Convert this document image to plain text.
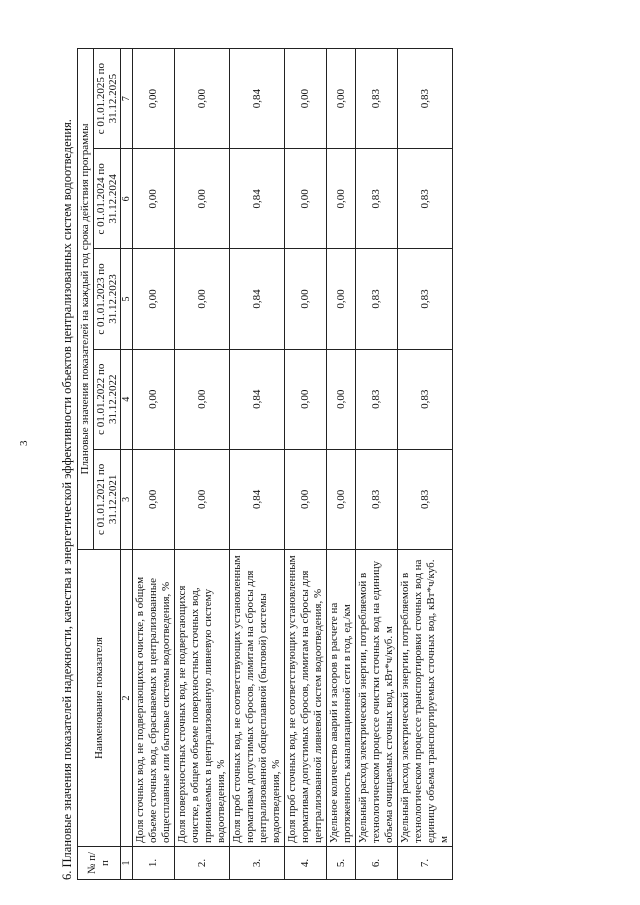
3 6. Плановые значения показателей надежности, качества и энергетической эффективности объектов централизованных систем водоотведения. № п/п	Наименование показателя	Плановые значения показателей на каждый год срока действия программы				
		с 01.01.2021 по 31.12.2021	с 01.01.2022 по 31.12.2022	с 01.01.2023 по 31.12.2023	с 01.01.2024 по 31.12.2024	с 01.01.2025 по 31.12.2025
1	2	3	4	5	6	7
1.	Доля сточных вод, не подвергающихся очистке, в общем объеме сточных вод, сбрасываемых в централизованные общесплавные или бытовые системы водоотведения, %	0,00	0,00	0,00	0,00	0,00
2.	Доля поверхностных сточных вод, не подвергающихся очистке, в общем объеме поверхностных сточных вод, принимаемых в централизованную ливневую систему водоотведения, %	0,00	0,00	0,00	0,00	0,00
3.	Доля проб сточных вод, не соответствующих установленным нормативам допустимых сбросов, лимитам на сбросы для централизованной общесплавной (бытовой) системы водоотведения, %	0,84	0,84	0,84	0,84	0,84
4.	Доля проб сточных вод, не соответствующих установленным нормативам допустимых сбросов, лимитам на сбросы для централизованной ливневой систем водоотведения, %	0,00	0,00	0,00	0,00	0,00
5.	Удельное количество аварий и засоров в расчете на протяженность канализационной сети в год, ед./км	0,00	0,00	0,00	0,00	0,00
6.	Удельный расход электрической энергии, потребляемой в технологическом процессе очистки сточных вод на единицу объема очищаемых сточных вод, кВт*ч/куб. м	0,83	0,83	0,83	0,83	0,83
7.	Удельный расход электрической энергии, потребляемой в технологическом процессе транспортировки сточных вод на единицу объема транспортируемых сточных вод, кВт*ч/куб. м	0,83	0,83	0,83	0,83	0,83
